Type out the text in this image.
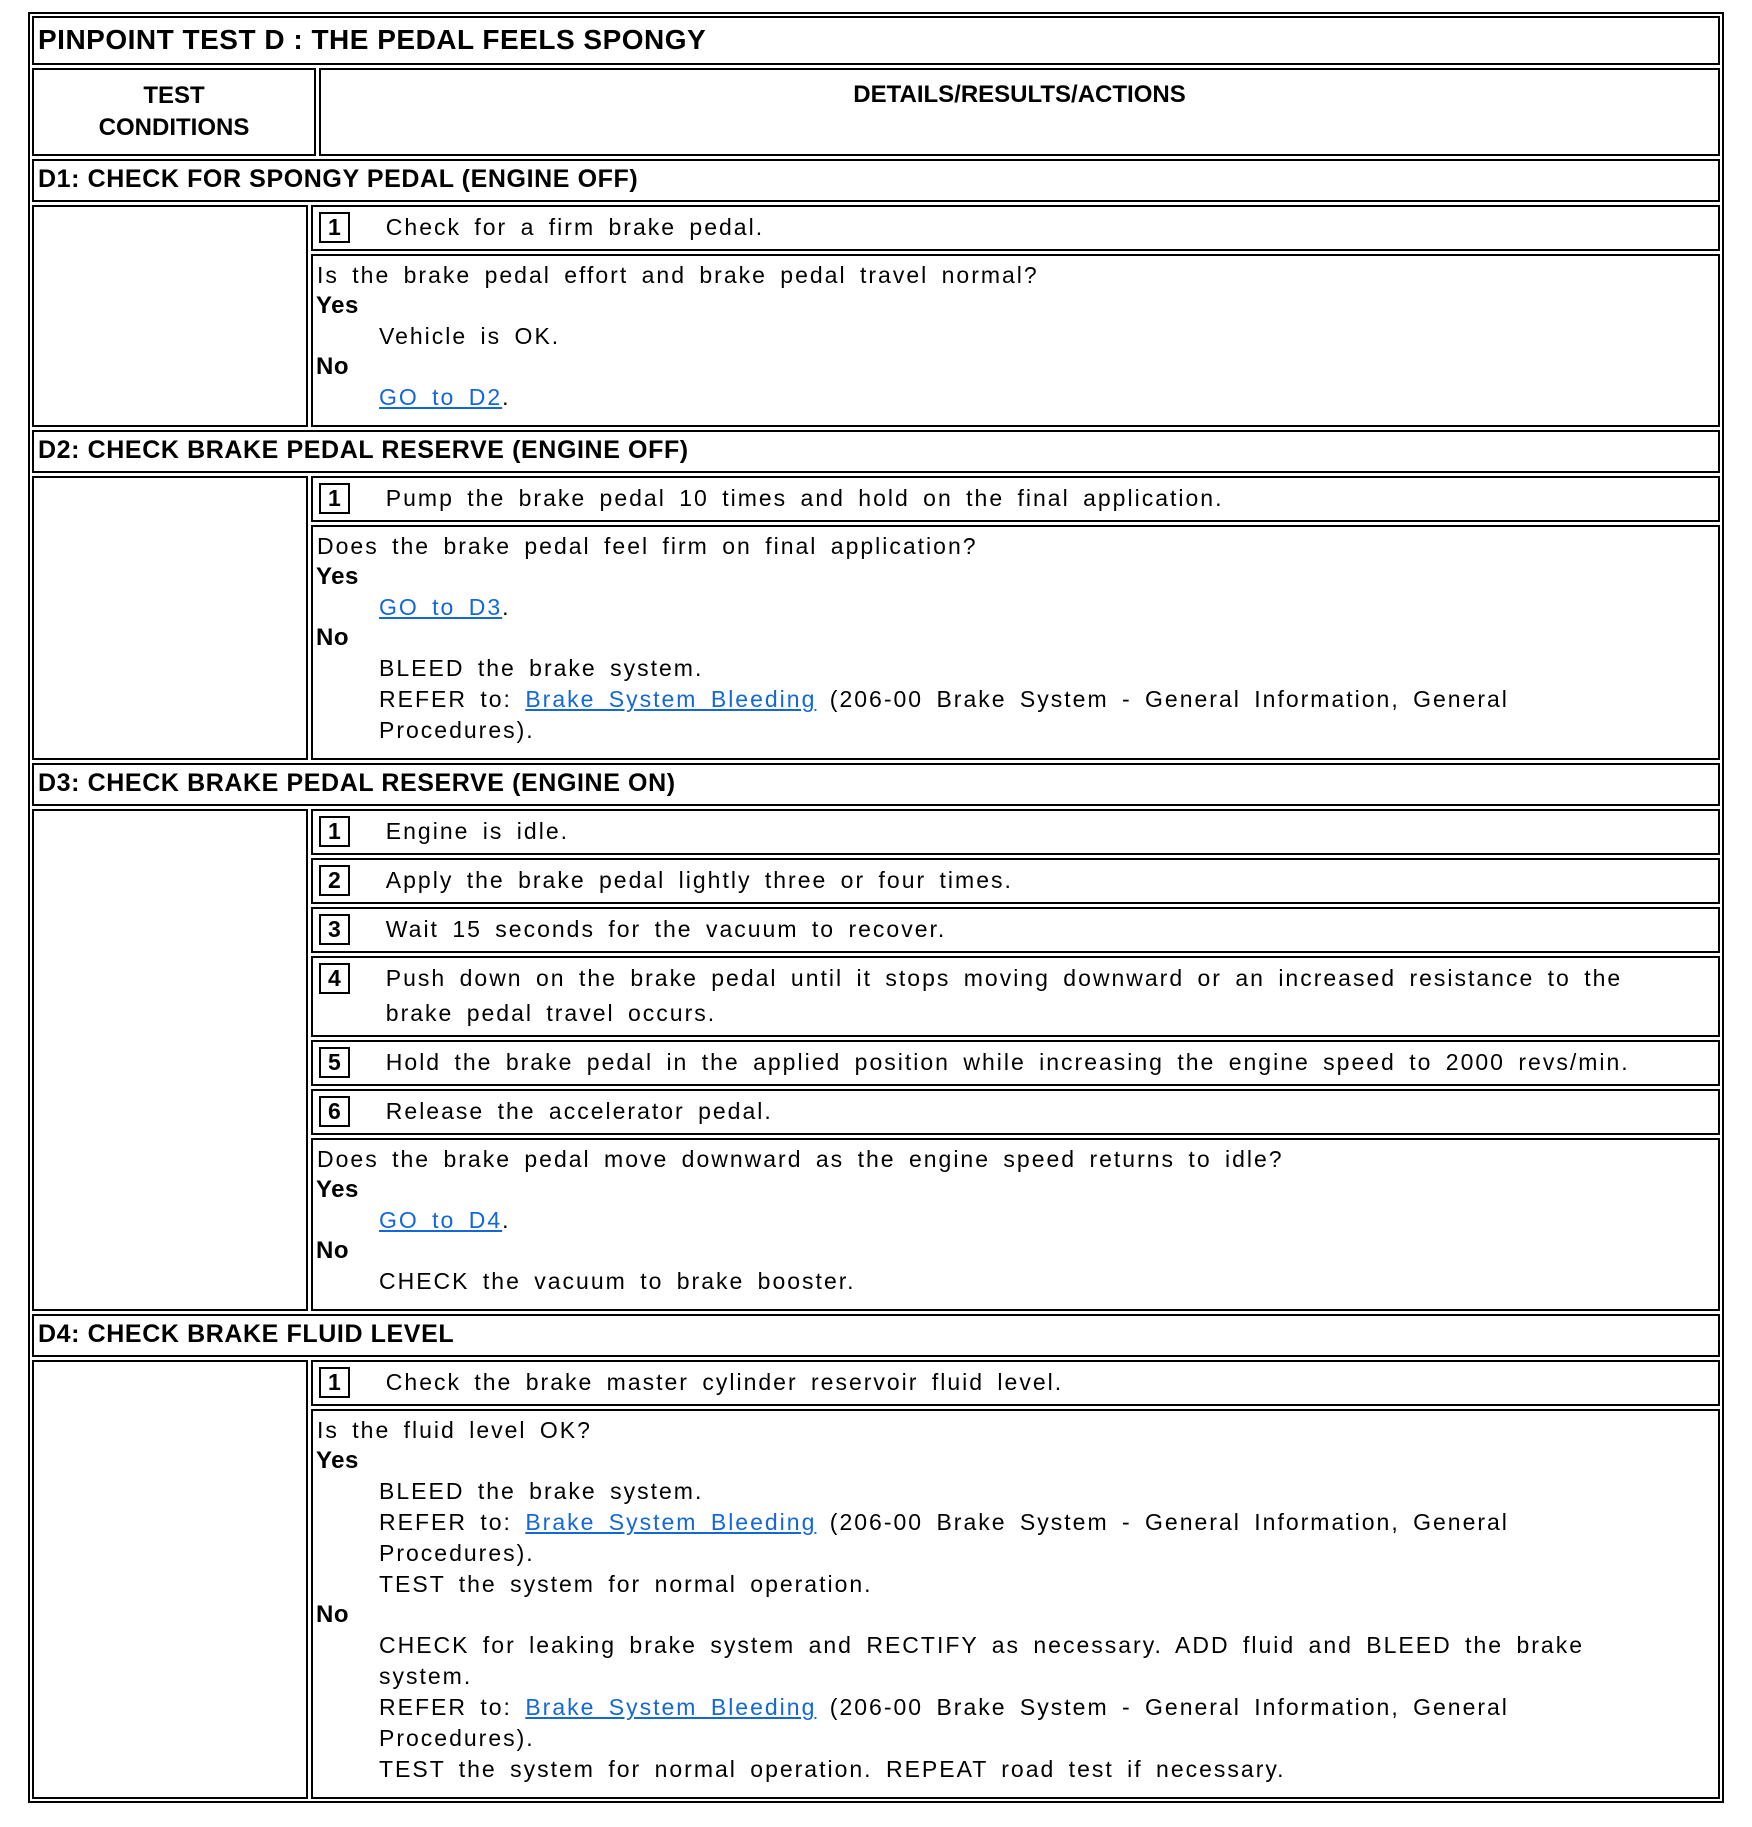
PINPOINT TEST D : THE PEDAL FEELS SPONGY
TEST CONDITIONS
DETAILS/RESULTS/ACTIONS
D1: CHECK FOR SPONGY PEDAL (ENGINE OFF)
1	Check for a firm brake pedal.
Is the brake pedal effort and brake pedal travel normal?
Yes
Vehicle is OK.
No
GO to D2.
D2: CHECK BRAKE PEDAL RESERVE (ENGINE OFF)
1	Pump the brake pedal 10 times and hold on the final application.
Does the brake pedal feel firm on final application?
Yes
GO to D3.
No
BLEED the brake system.
REFER to: Brake System Bleeding (206-00 Brake System - General Information, General Procedures).
D3: CHECK BRAKE PEDAL RESERVE (ENGINE ON)
1	Engine is idle.
2	Apply the brake pedal lightly three or four times.
3	Wait 15 seconds for the vacuum to recover.
4	Push down on the brake pedal until it stops moving downward or an increased resistance to the brake pedal travel occurs.
5	Hold the brake pedal in the applied position while increasing the engine speed to 2000 revs/min.
6	Release the accelerator pedal.
Does the brake pedal move downward as the engine speed returns to idle?
Yes
GO to D4.
No
CHECK the vacuum to brake booster.
D4: CHECK BRAKE FLUID LEVEL
1	Check the brake master cylinder reservoir fluid level.
Is the fluid level OK?
Yes
BLEED the brake system.
REFER to: Brake System Bleeding (206-00 Brake System - General Information, General Procedures).
TEST the system for normal operation.
No
CHECK for leaking brake system and RECTIFY as necessary. ADD fluid and BLEED the brake system.
REFER to: Brake System Bleeding (206-00 Brake System - General Information, General Procedures).
TEST the system for normal operation. REPEAT road test if necessary.
